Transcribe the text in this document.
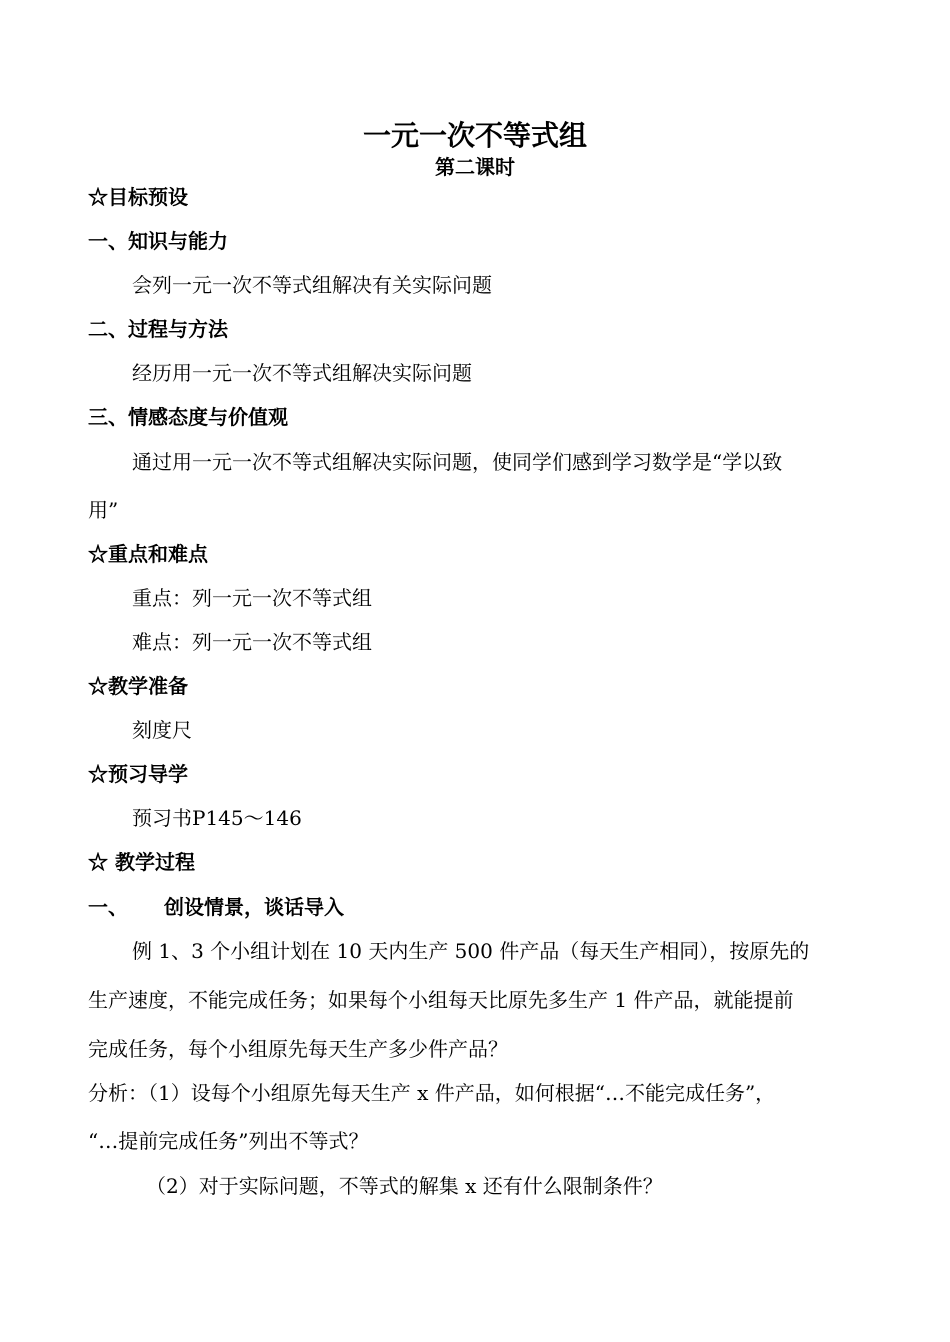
一元一次不等式组
第二课时
☆目标预设
一、知识与能力

会列一元一次不等式组解决有关实际问题

二、过程与方法

经历用一元一次不等式组解决实际问题

三、情感态度与价值观

通过用一元一次不等式组解决实际问题，使同学们感到学习数学是“学以致

用”

☆重点和难点

重点：列一元一次不等式组

难点：列一元一次不等式组

☆教学准备

刻度尺

☆预习导学

预习书P145～146

☆ 教学过程
一、 创设情景，谈话导入

例 1、3 个小组计划在 10 天内生产 500 件产品（每天生产相同），按原先的

生产速度，不能完成任务；如果每个小组每天比原先多生产 1 件产品，就能提前

完成任务，每个小组原先每天生产多少件产品？

分析：（1）设每个小组原先每天生产 x 件产品，如何根据“…不能完成任务”，

“…提前完成任务”列出不等式？

（2）对于实际问题，不等式的解集 x 还有什么限制条件？
